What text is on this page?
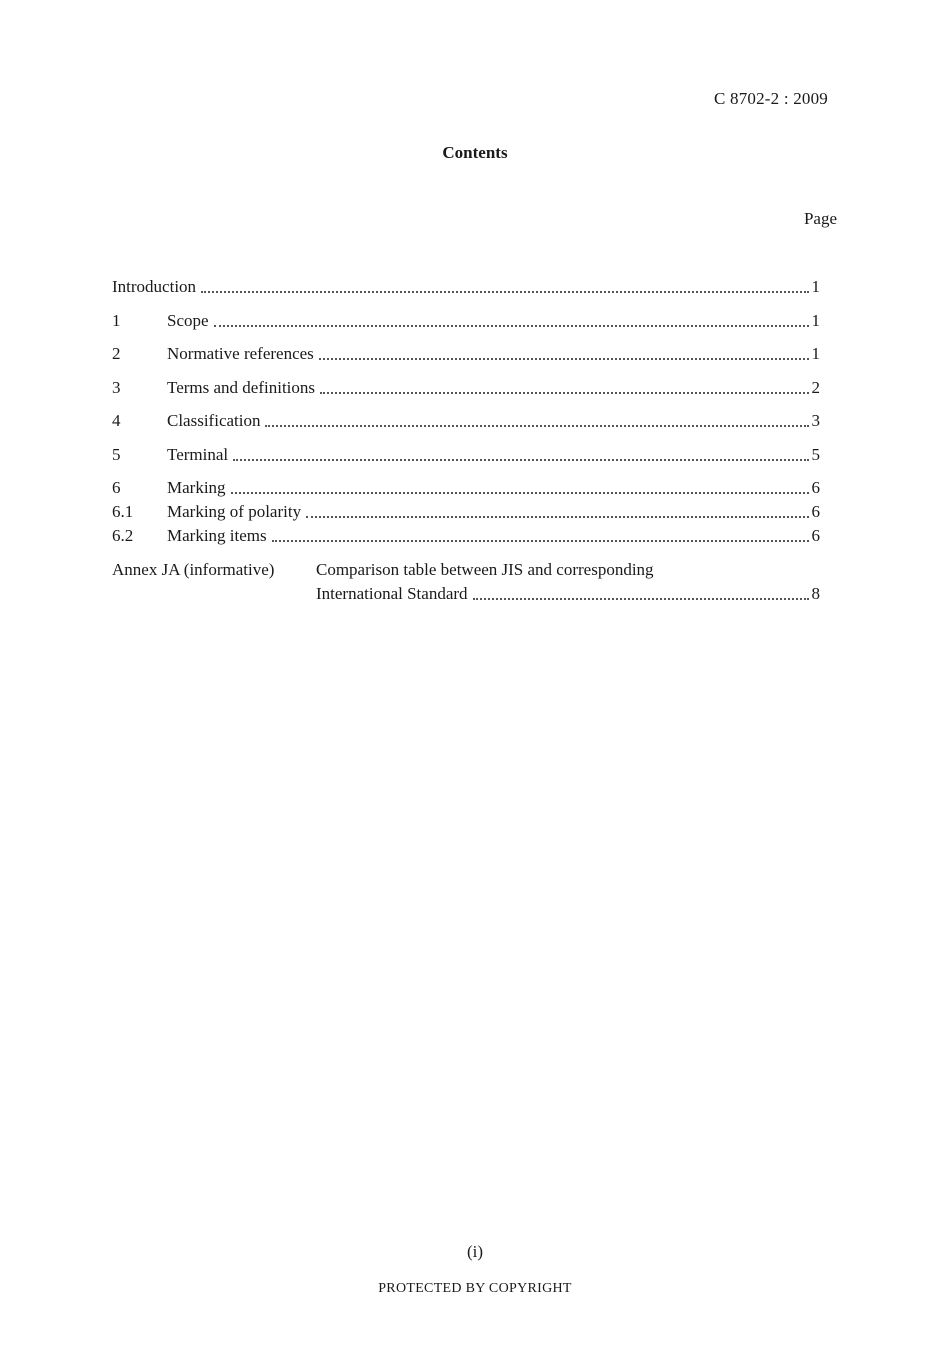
C 8702-2 : 2009
Contents
Page
Introduction	1
1	Scope	1
2	Normative references	1
3	Terms and definitions	2
4	Classification	3
5	Terminal	5
6	Marking	6
6.1	Marking of polarity	6
6.2	Marking items	6
Annex JA (informative)	Comparison table between JIS and corresponding
International Standard	8
(i)
PROTECTED BY COPYRIGHT
